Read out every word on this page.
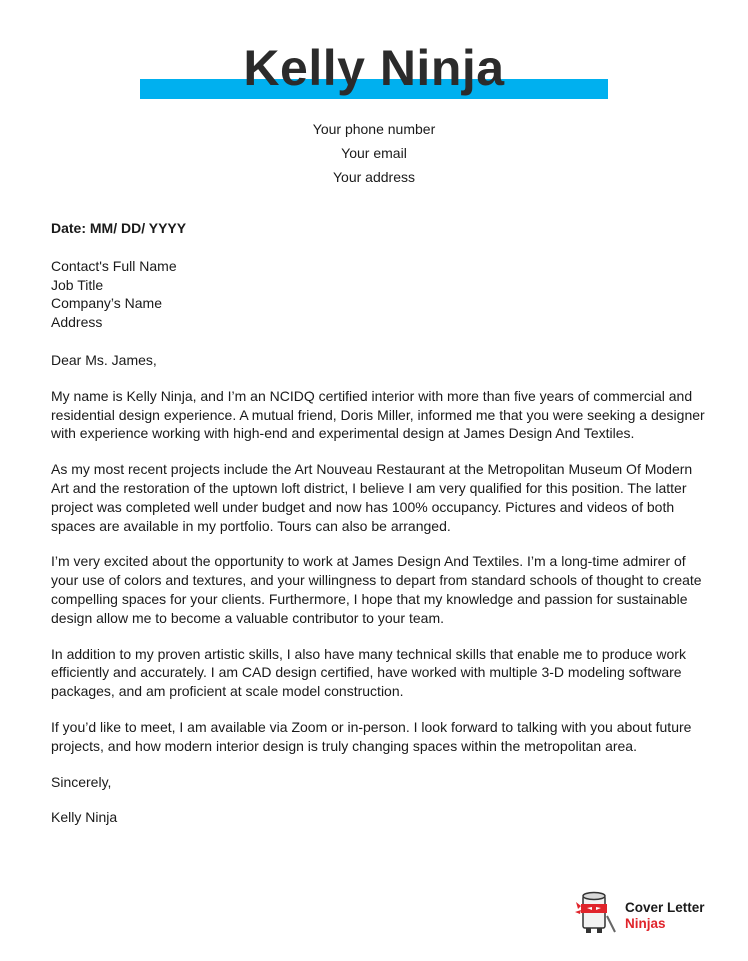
Kelly Ninja
Your phone number
Your email
Your address
Date: MM/ DD/ YYYY
Contact's Full Name
Job Title
Company’s Name
Address
Dear Ms. James,
My name is Kelly Ninja, and I’m an NCIDQ certified interior with more than five years of commercial and residential design experience. A mutual friend, Doris Miller, informed me that you were seeking a designer with experience working with high-end and experimental design at James Design And Textiles.
As my most recent projects include the Art Nouveau Restaurant at the Metropolitan Museum Of Modern Art and the restoration of the uptown loft district, I believe I am very qualified for this position. The latter project was completed well under budget and now has 100% occupancy. Pictures and videos of both spaces are available in my portfolio. Tours can also be arranged.
I’m very excited about the opportunity to work at James Design And Textiles. I’m a long-time admirer of your use of colors and textures, and your willingness to depart from standard schools of thought to create compelling spaces for your clients. Furthermore, I hope that my knowledge and passion for sustainable design allow me to become a valuable contributor to your team.
In addition to my proven artistic skills, I also have many technical skills that enable me to produce work efficiently and accurately. I am CAD design certified, have worked with multiple 3-D modeling software packages, and am proficient at scale model construction.
If you’d like to meet, I am available via Zoom or in-person. I look forward to talking with you about future projects, and how modern interior design is truly changing spaces within the metropolitan area.
Sincerely,
Kelly Ninja
Cover Letter
Ninjas
